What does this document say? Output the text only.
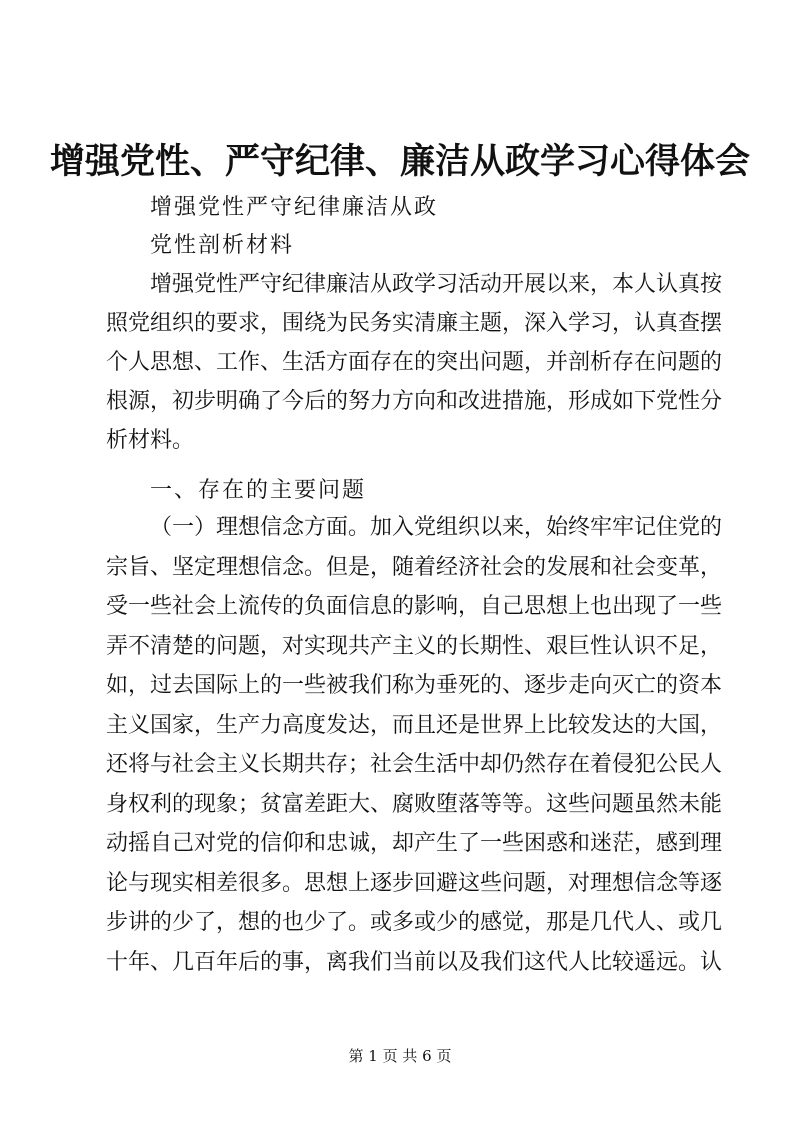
增强党性、严守纪律、廉洁从政学习心得体会

增强党性严守纪律廉洁从政

党性剖析材料

增强党性严守纪律廉洁从政学习活动开展以来，本人认真按

照党组织的要求，围绕为民务实清廉主题，深入学习，认真查摆

个人思想、工作、生活方面存在的突出问题，并剖析存在问题的

根源，初步明确了今后的努力方向和改进措施，形成如下党性分

析材料。

一、存在的主要问题

（一）理想信念方面。加入党组织以来，始终牢牢记住党的

宗旨、坚定理想信念。但是，随着经济社会的发展和社会变革，

受一些社会上流传的负面信息的影响，自己思想上也出现了一些

弄不清楚的问题，对实现共产主义的长期性、艰巨性认识不足，

如，过去国际上的一些被我们称为垂死的、逐步走向灭亡的资本

主义国家，生产力高度发达，而且还是世界上比较发达的大国，

还将与社会主义长期共存；社会生活中却仍然存在着侵犯公民人

身权利的现象；贫富差距大、腐败堕落等等。这些问题虽然未能

动摇自己对党的信仰和忠诚，却产生了一些困惑和迷茫，感到理

论与现实相差很多。思想上逐步回避这些问题，对理想信念等逐

步讲的少了，想的也少了。或多或少的感觉，那是几代人、或几

十年、几百年后的事，离我们当前以及我们这代人比较遥远。认

第 1 页 共 6 页
